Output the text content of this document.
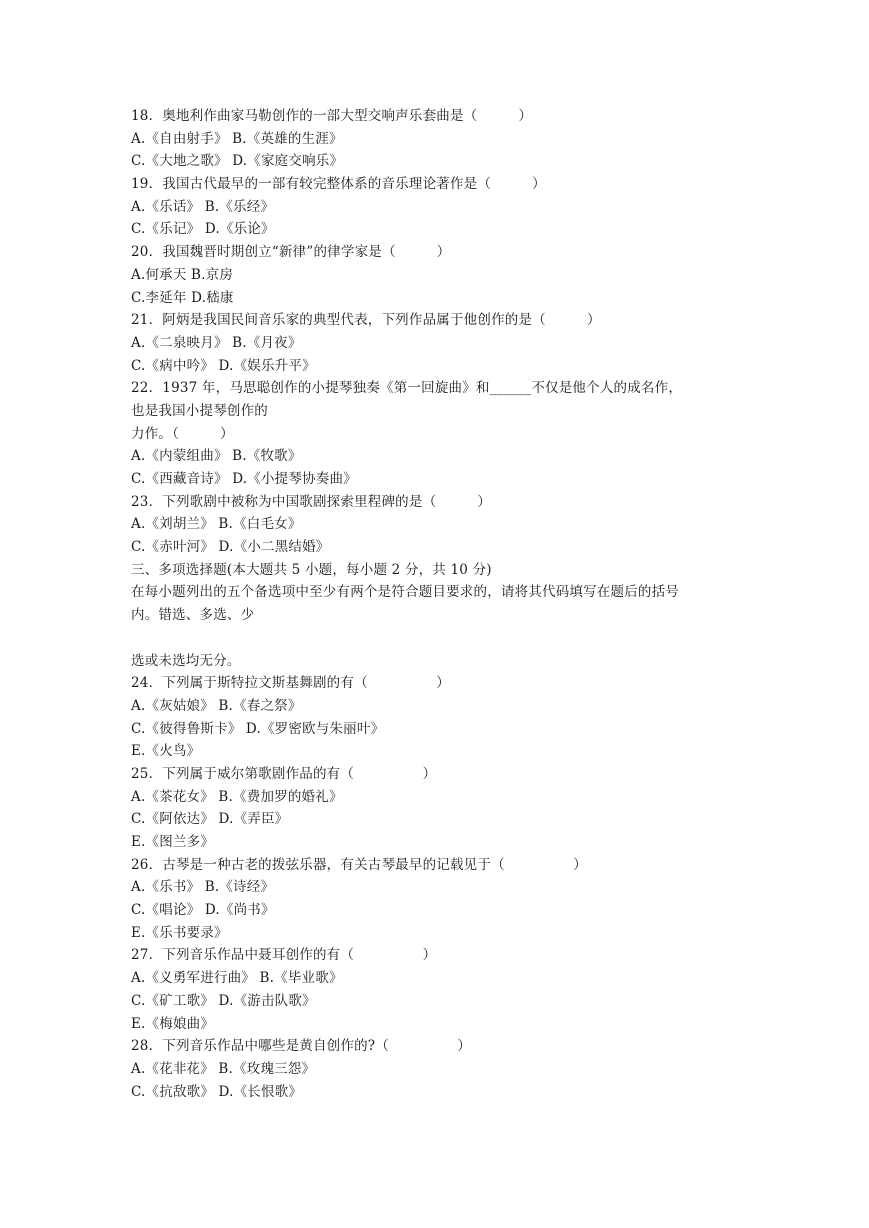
18．奥地利作曲家马勒创作的一部大型交响声乐套曲是（　　　）
A.《自由射手》 B.《英雄的生涯》
C.《大地之歌》 D.《家庭交响乐》
19．我国古代最早的一部有较完整体系的音乐理论著作是（　　　）
A.《乐话》 B.《乐经》
C.《乐记》 D.《乐论》
20．我国魏晋时期创立“新律”的律学家是（　　　）
A.何承天 B.京房
C.李延年 D.嵇康
21．阿炳是我国民间音乐家的典型代表，下列作品属于他创作的是（　　　）
A.《二泉映月》 B.《月夜》
C.《病中吟》 D.《娱乐升平》
22．1937 年，马思聪创作的小提琴独奏《第一回旋曲》和______不仅是他个人的成名作，
也是我国小提琴创作的
力作。（　　　）
A.《内蒙组曲》 B.《牧歌》
C.《西藏音诗》 D.《小提琴协奏曲》
23．下列歌剧中被称为中国歌剧探索里程碑的是（　　　）
A.《刘胡兰》 B.《白毛女》
C.《赤叶河》 D.《小二黑结婚》
三、多项选择题(本大题共 5 小题，每小题 2 分，共 10 分)
在每小题列出的五个备选项中至少有两个是符合题目要求的，请将其代码填写在题后的括号
内。错选、多选、少
选或未选均无分。
24．下列属于斯特拉文斯基舞剧的有（　　　　　）
A.《灰姑娘》 B.《春之祭》
C.《彼得鲁斯卡》 D.《罗密欧与朱丽叶》
E.《火鸟》
25．下列属于威尔第歌剧作品的有（　　　　　）
A.《茶花女》 B.《费加罗的婚礼》
C.《阿依达》 D.《弄臣》
E.《图兰多》
26．古琴是一种古老的拨弦乐器，有关古琴最早的记载见于（　　　　　）
A.《乐书》 B.《诗经》
C.《唱论》 D.《尚书》
E.《乐书要录》
27．下列音乐作品中聂耳创作的有（　　　　　）
A.《义勇军进行曲》 B.《毕业歌》
C.《矿工歌》 D.《游击队歌》
E.《梅娘曲》
28．下列音乐作品中哪些是黄自创作的?（　　　　　）
A.《花非花》 B.《玫瑰三怨》
C.《抗敌歌》 D.《长恨歌》
